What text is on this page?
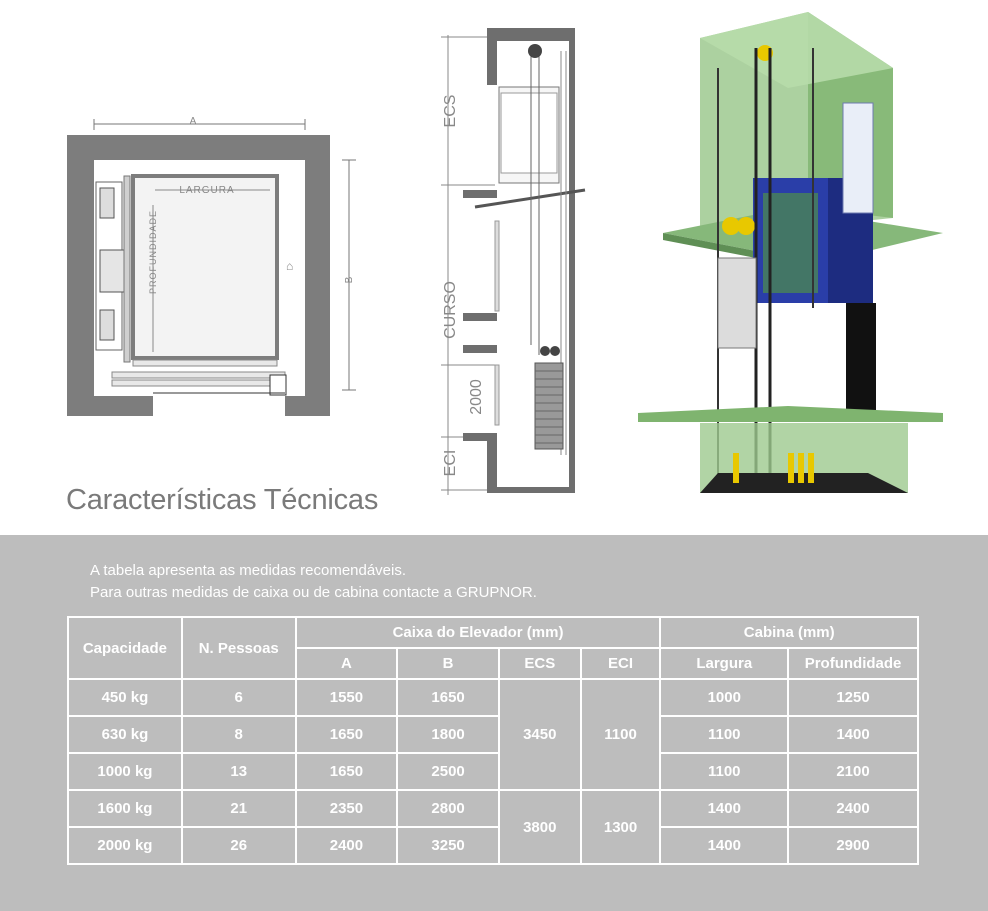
A
B
LARGURA
PROFUNDIDADE	⌂
ECS
CURSO
2000
ECI
Características Técnicas
A tabela apresenta as medidas recomendáveis.
Para outras medidas de caixa ou de cabina contacte a GRUPNOR.
Capacidade	N. Pessoas	Caixa do Elevador (mm)				Cabina (mm)	
		A	B	ECS	ECI	Largura	Profundidade
450 kg	6	1550	1650	3450	1100	1000	1250
630 kg	8	1650	1800			1100	1400
1000 kg	13	1650	2500			1100	2100
1600 kg	21	2350	2800	3800	1300	1400	2400
2000 kg	26	2400	3250			1400	2900
